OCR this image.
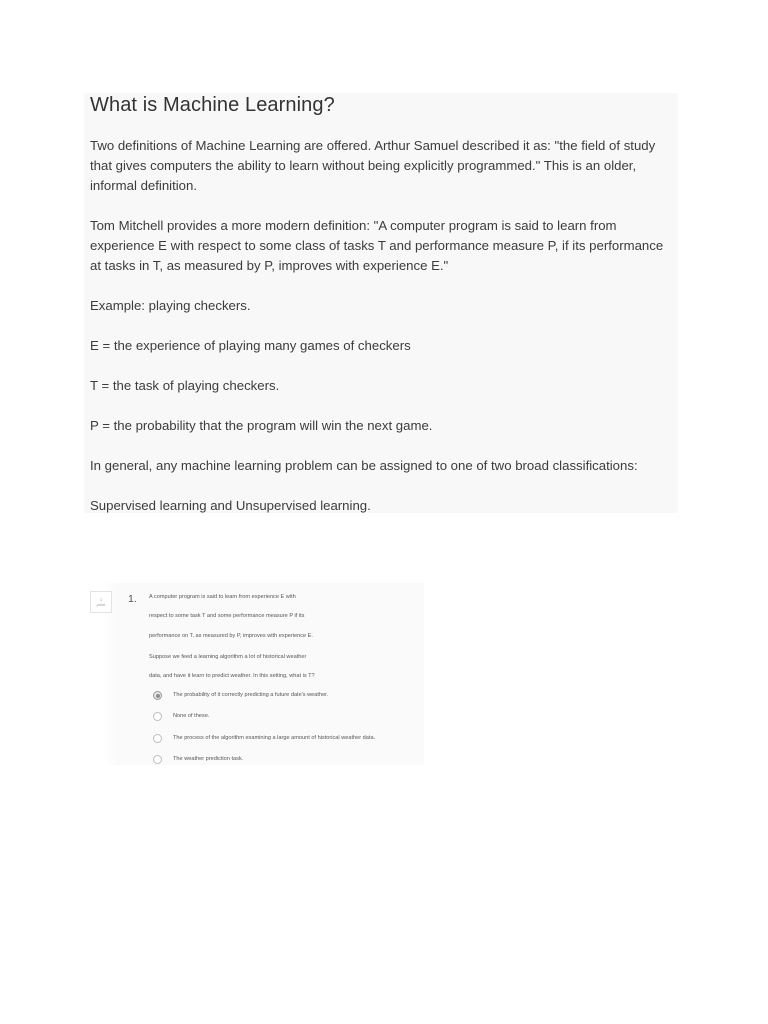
What is Machine Learning?

Two definitions of Machine Learning are offered. Arthur Samuel described it as: "the field of study that gives computers the ability to learn without being explicitly programmed." This is an older, informal definition.

Tom Mitchell provides a more modern definition: "A computer program is said to learn from experience E with respect to some class of tasks T and performance measure P, if its performance at tasks in T, as measured by P, improves with experience E."

Example: playing checkers.

E = the experience of playing many games of checkers

T = the task of playing checkers.

P = the probability that the program will win the next game.

In general, any machine learning problem can be assigned to one of two broad classifications:

Supervised learning and Unsupervised learning.

1
point	1. A computer program is said to learn from experience E with
respect to some task T and some performance measure P if its
performance on T, as measured by P, improves with experience E.
Suppose we feed a learning algorithm a lot of historical weather
data, and have it learn to predict weather. In this setting, what is T?
The probability of it correctly predicting a future date's weather.
None of these.
The process of the algorithm examining a large amount of historical weather data.
The weather prediction task.
